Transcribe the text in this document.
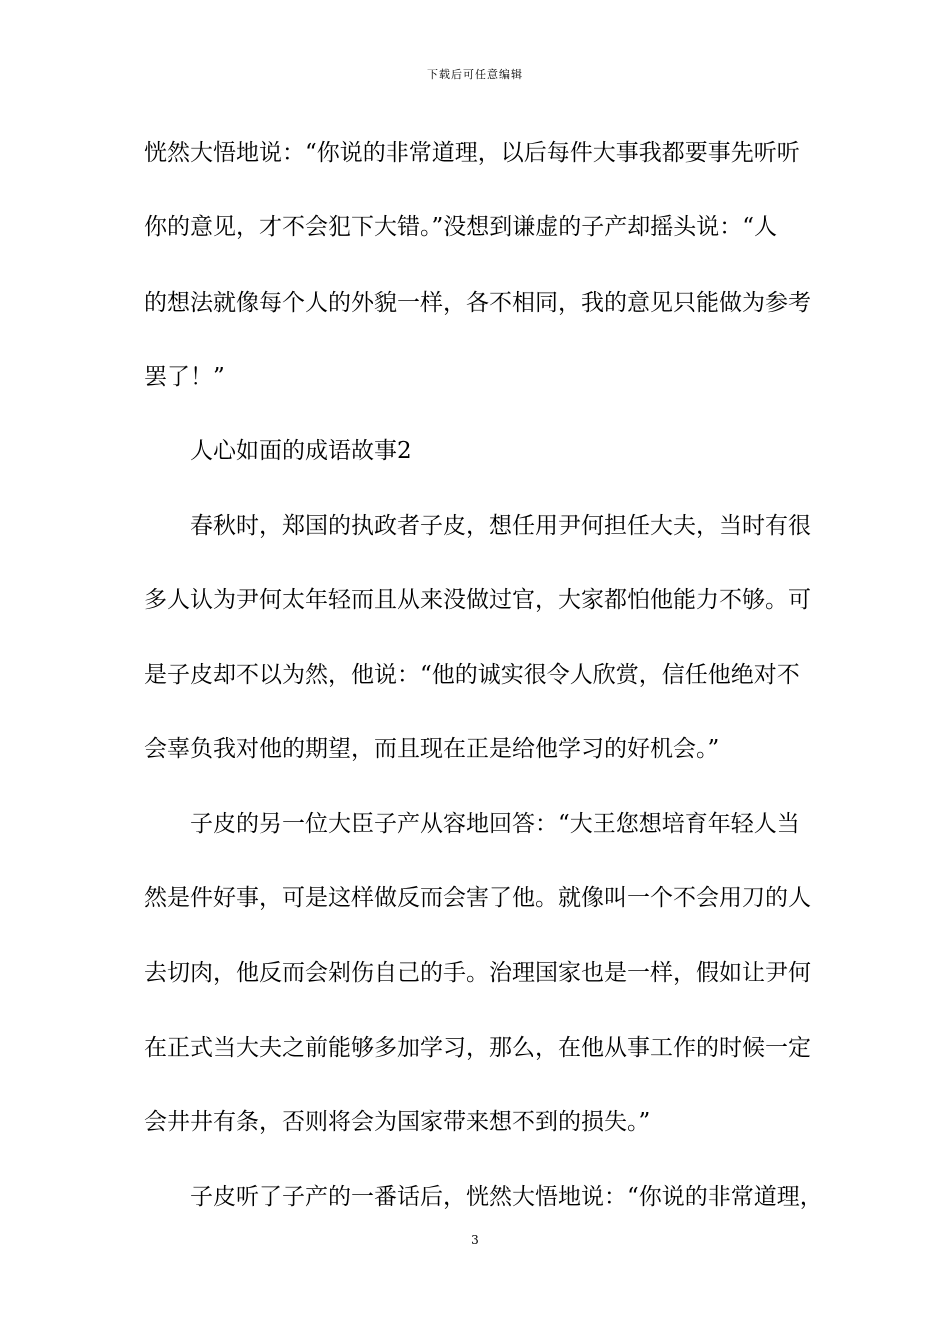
下载后可任意编辑
恍然大悟地说：“你说的非常道理，以后每件大事我都要事先听听
你的意见，才不会犯下大错。”没想到谦虚的子产却摇头说：“人
的想法就像每个人的外貌一样，各不相同，我的意见只能做为参考
罢了！”
人心如面的成语故事2
春秋时，郑国的执政者子皮，想任用尹何担任大夫，当时有很
多人认为尹何太年轻而且从来没做过官，大家都怕他能力不够。可
是子皮却不以为然，他说：“他的诚实很令人欣赏，信任他绝对不
会辜负我对他的期望，而且现在正是给他学习的好机会。”
子皮的另一位大臣子产从容地回答：“大王您想培育年轻人当
然是件好事，可是这样做反而会害了他。就像叫一个不会用刀的人
去切肉，他反而会剁伤自己的手。治理国家也是一样，假如让尹何
在正式当大夫之前能够多加学习，那么，在他从事工作的时候一定
会井井有条，否则将会为国家带来想不到的损失。”
子皮听了子产的一番话后，恍然大悟地说：“你说的非常道理，
3
